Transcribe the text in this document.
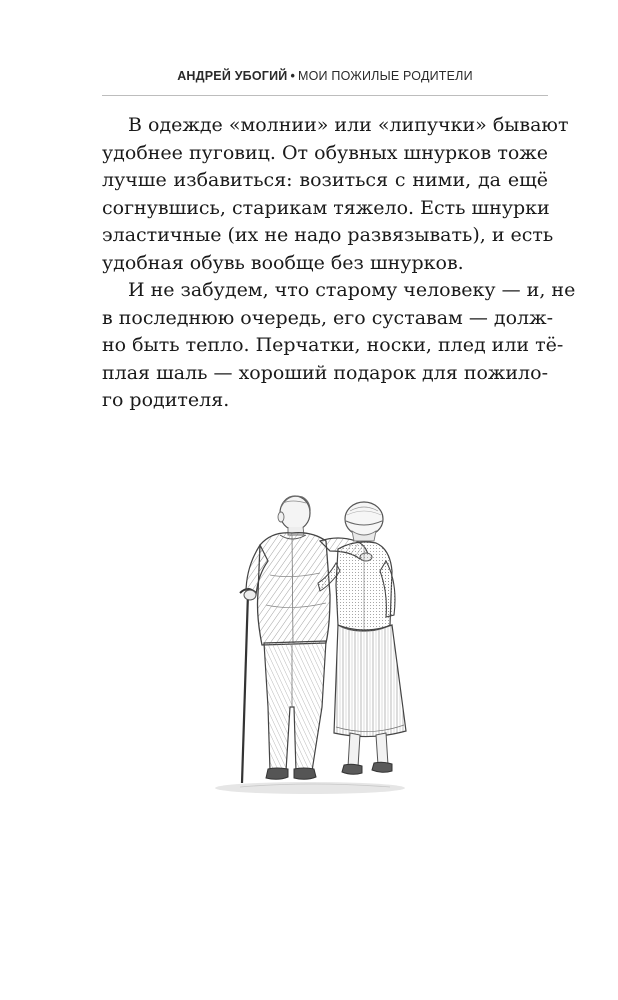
АНДРЕЙ УБОГИЙ • МОИ ПОЖИЛЫЕ РОДИТЕЛИ
В одежде «молнии» или «липучки» бывают
удобнее пуговиц. От обувных шнурков тоже
лучше избавиться: возиться с ними, да ещё
согнувшись, старикам тяжело. Есть шнурки
эластичные (их не надо развязывать), и есть
удобная обувь вообще без шнурков.
И не забудем, что старому человеку — и, не
в последнюю очередь, его суставам — долж-
но быть тепло. Перчатки, носки, плед или тё-
плая шаль — хороший подарок для пожило-
го родителя.
